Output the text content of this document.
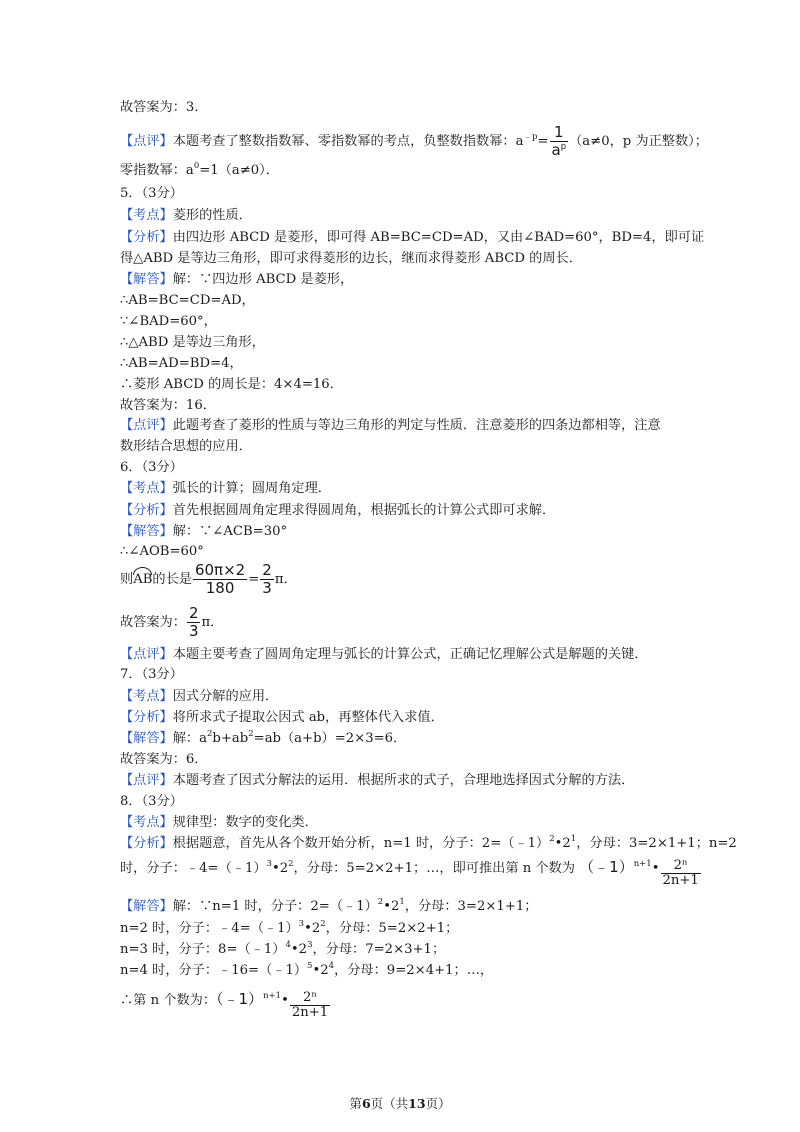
故答案为：3．
【点评】本题考查了整数指数幂、零指数幂的考点，负整数指数幂：$a^{﹣p}= \frac{1}{a^p} (a\ne 0$，p 为正整数）；
零指数幂：$a^0=1(a\ne 0)$．
5．（3分）
【考点】菱形的性质．
【分析】由四边形 ABCD 是菱形，即可得 AB=BC=CD=AD，又由∠BAD=60°，BD=4，即可证
得△ABD 是等边三角形，即可求得菱形的边长，继而求得菱形 ABCD 的周长．
【解答】解：∵四边形 ABCD 是菱形，
∴AB=BC=CD=AD，
∵∠BAD=60°，
∴△ABD 是等边三角形，
∴AB=AD=BD=4，
∴菱形 ABCD 的周长是：4×4=16．
故答案为：16．
【点评】此题考查了菱形的性质与等边三角形的判定与性质．注意菱形的四条边都相等，注意
数形结合思想的应用．
6．（3分）
【考点】弧长的计算；圆周角定理．
【分析】首先根据圆周角定理求得圆周角，根据弧长的计算公式即可求解．
【解答】解：∵∠ACB=30°
∴∠AOB=60°
则AB的长是 $\frac{60\pi\times 2}{180} = \frac{2}{3}$ π．
故答案为： $\frac{2}{3}$ π．
【点评】本题主要考查了圆周角定理与弧长的计算公式，正确记忆理解公式是解题的关键．
7．（3分）
【考点】因式分解的应用．
【分析】将所求式子提取公因式 ab，再整体代入求值．
【解答】解：$a^2b+ab^2=ab(a+b)=2\times 3=6$．
故答案为：6．
【点评】本题考查了因式分解法的运用．根据所求的式子，合理地选择因式分解的方法．
8．（3分）
【考点】规律型：数字的变化类．
【分析】根据题意，首先从各个数开始分析，n=1 时，分子：$2=(﹣1)^2•2^1$，分母：3=2×1+1；n=2
时，分子：$﹣4=(﹣1)^3•2^2$，分母：5=2×2+1；…，即可推出第 n 个数为 （﹣1）$^{n+1}$• $\frac{\text{2ⁿ}}{2n+1}$
【解答】解：∵n=1 时，分子：$2=(﹣1)^2•2^1$，分母：3=2×1+1；
n=2 时，分子：$﹣4=(﹣1)^3•2^2$，分母：5=2×2+1；
n=3 时，分子：$8=(﹣1)^4•2^3$，分母：7=2×3+1；
n=4 时，分子：$﹣16=(﹣1)^5•2^4$，分母：9=2×4+1；…，
∴第 n 个数为：（﹣1）$^{n+1}$• $\frac{\text{2ⁿ}}{2n+1}$
第6页（共13页）
